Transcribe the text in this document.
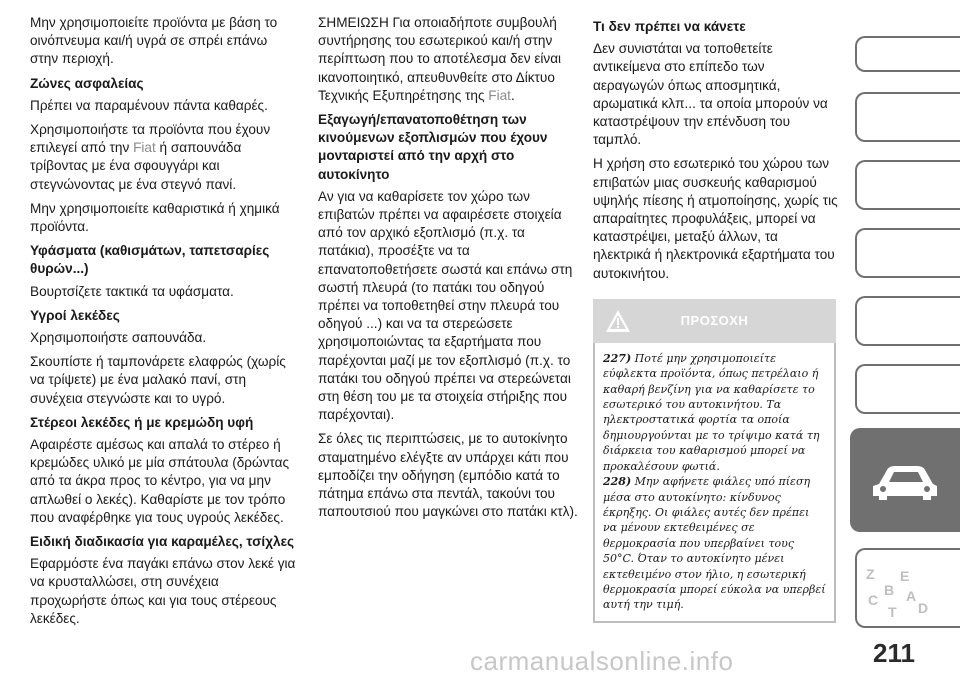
Μην χρησιμοποιείτε προϊόντα με βάση το οινόπνευμα και/ή υγρά σε σπρέι επάνω στην περιοχή.

Ζώνες ασφαλείας

Πρέπει να παραμένουν πάντα καθαρές.

Χρησιμοποιήστε τα προϊόντα που έχουν επιλεγεί από την Fiat ή σαπουνάδα τρίβοντας με ένα σφουγγάρι και στεγνώνοντας με ένα στεγνό πανί.

Μην χρησιμοποιείτε καθαριστικά ή χημικά προϊόντα.

Υφάσματα (καθισμάτων, ταπετσαρίες θυρών...)

Βουρτσίζετε τακτικά τα υφάσματα.

Υγροί λεκέδες

Χρησιμοποιήστε σαπουνάδα.

Σκουπίστε ή ταμπονάρετε ελαφρώς (χωρίς να τρίψετε) με ένα μαλακό πανί, στη συνέχεια στεγνώστε και το υγρό.

Στέρεοι λεκέδες ή με κρεμώδη υφή

Αφαιρέστε αμέσως και απαλά το στέρεο ή κρεμώδες υλικό με μία σπάτουλα (δρώντας από τα άκρα προς το κέντρο, για να μην απλωθεί ο λεκές). Καθαρίστε με τον τρόπο που αναφέρθηκε για τους υγρούς λεκέδες.

Ειδική διαδικασία για καραμέλες, τσίχλες

Εφαρμόστε ένα παγάκι επάνω στον λεκέ για να κρυσταλλώσει, στη συνέχεια προχωρήστε όπως και για τους στέρεους λεκέδες.

ΣΗΜΕΙΩΣΗ Για οποιαδήποτε συμβουλή συντήρησης του εσωτερικού και/ή στην περίπτωση που το αποτέλεσμα δεν είναι ικανοποιητικό, απευθυνθείτε στο Δίκτυο Τεχνικής Εξυπηρέτησης της Fiat.

Εξαγωγή/επανατοποθέτηση των κινούμενων εξοπλισμών που έχουν μονταριστεί από την αρχή στο αυτοκίνητο

Αν για να καθαρίσετε τον χώρο των επιβατών πρέπει να αφαιρέσετε στοιχεία από τον αρχικό εξοπλισμό (π.χ. τα πατάκια), προσέξτε να τα επανατοποθετήσετε σωστά και επάνω στη σωστή πλευρά (το πατάκι του οδηγού πρέπει να τοποθετηθεί στην πλευρά του οδηγού ...) και να τα στερεώσετε χρησιμοποιώντας τα εξαρτήματα που παρέχονται μαζί με τον εξοπλισμό (π.χ. το πατάκι του οδηγού πρέπει να στερεώνεται στη θέση του με τα στοιχεία στήριξης που παρέχονται).

Σε όλες τις περιπτώσεις, με το αυτοκίνητο σταματημένο ελέγξτε αν υπάρχει κάτι που εμποδίζει την οδήγηση (εμπόδιο κατά το πάτημα επάνω στα πεντάλ, τακούνι του παπουτσιού που μαγκώνει στο πατάκι κτλ).

Τι δεν πρέπει να κάνετε

Δεν συνιστάται να τοποθετείτε αντικείμενα στο επίπεδο των αεραγωγών όπως αποσμητικά, αρωματικά κλπ... τα οποία μπορούν να καταστρέψουν την επένδυση του ταμπλό.

Η χρήση στο εσωτερικό του χώρου των επιβατών μιας συσκευής καθαρισμού υψηλής πίεσης ή ατμοποίησης, χωρίς τις απαραίτητες προφυλάξεις, μπορεί να καταστρέψει, μεταξύ άλλων, τα ηλεκτρικά ή ηλεκτρονικά εξαρτήματα του αυτοκινήτου.

ΠΡΟΣΟΧΗ

227) Ποτέ μην χρησιμοποιείτε εύφλεκτα προϊόντα, όπως πετρέλαιο ή καθαρή βενζίνη για να καθαρίσετε το εσωτερικό του αυτοκινήτου. Τα ηλεκτροστατικά φορτία τα οποία δημιουργούνται με το τρίψιμο κατά τη διάρκεια του καθαρισμού μπορεί να προκαλέσουν φωτιά.

228) Μην αφήνετε φιάλες υπό πίεση μέσα στο αυτοκίνητο: κίνδυνος έκρηξης. Οι φιάλες αυτές δεν πρέπει να μένουν εκτεθειμένες σε θερμοκρασία που υπερβαίνει τους 50°C. Όταν το αυτοκίνητο μένει εκτεθειμένο στον ήλιο, η εσωτερική θερμοκρασία μπορεί εύκολα να υπερβεί αυτή την τιμή.

Z
B
C
T
E
A
D
211
carmanualsonline.info
